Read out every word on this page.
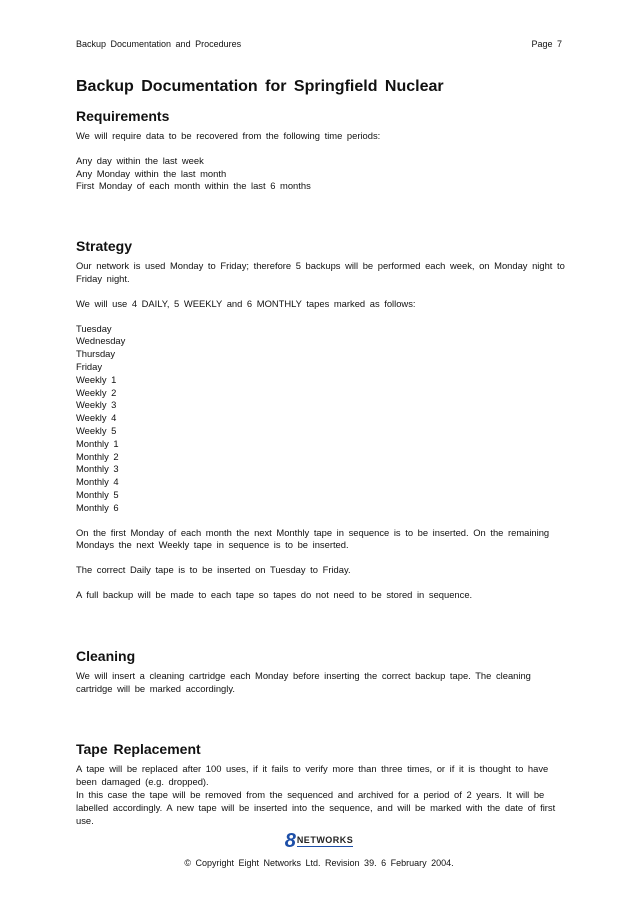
Backup Documentation and Procedures	Page 7
Backup Documentation for Springfield Nuclear
Requirements

We will require data to be recovered from the following time periods:

Any day within the last week
Any Monday within the last month
First Monday of each month within the last 6 months
Strategy

Our network is used Monday to Friday; therefore 5 backups will be performed each week, on Monday night to Friday night.

We will use 4 DAILY, 5 WEEKLY and 6 MONTHLY tapes marked as follows:

Tuesday
Wednesday
Thursday
Friday
Weekly 1
Weekly 2
Weekly 3
Weekly 4
Weekly 5
Monthly 1
Monthly 2
Monthly 3
Monthly 4
Monthly 5
Monthly 6

On the first Monday of each month the next Monthly tape in sequence is to be inserted. On the remaining Mondays the next Weekly tape in sequence is to be inserted.

The correct Daily tape is to be inserted on Tuesday to Friday.

A full backup will be made to each tape so tapes do not need to be stored in sequence.

Cleaning

We will insert a cleaning cartridge each Monday before inserting the correct backup tape. The cleaning cartridge will be marked accordingly.

Tape Replacement
A tape will be replaced after 100 uses, if it fails to verify more than three times, or if it is thought to have been damaged (e.g. dropped).
In this case the tape will be removed from the sequenced and archived for a period of 2 years. It will be labelled accordingly. A new tape will be inserted into the sequence, and will be marked with the date of first use.
8 NETWORKS
© Copyright Eight Networks Ltd. Revision 39. 6 February 2004.
